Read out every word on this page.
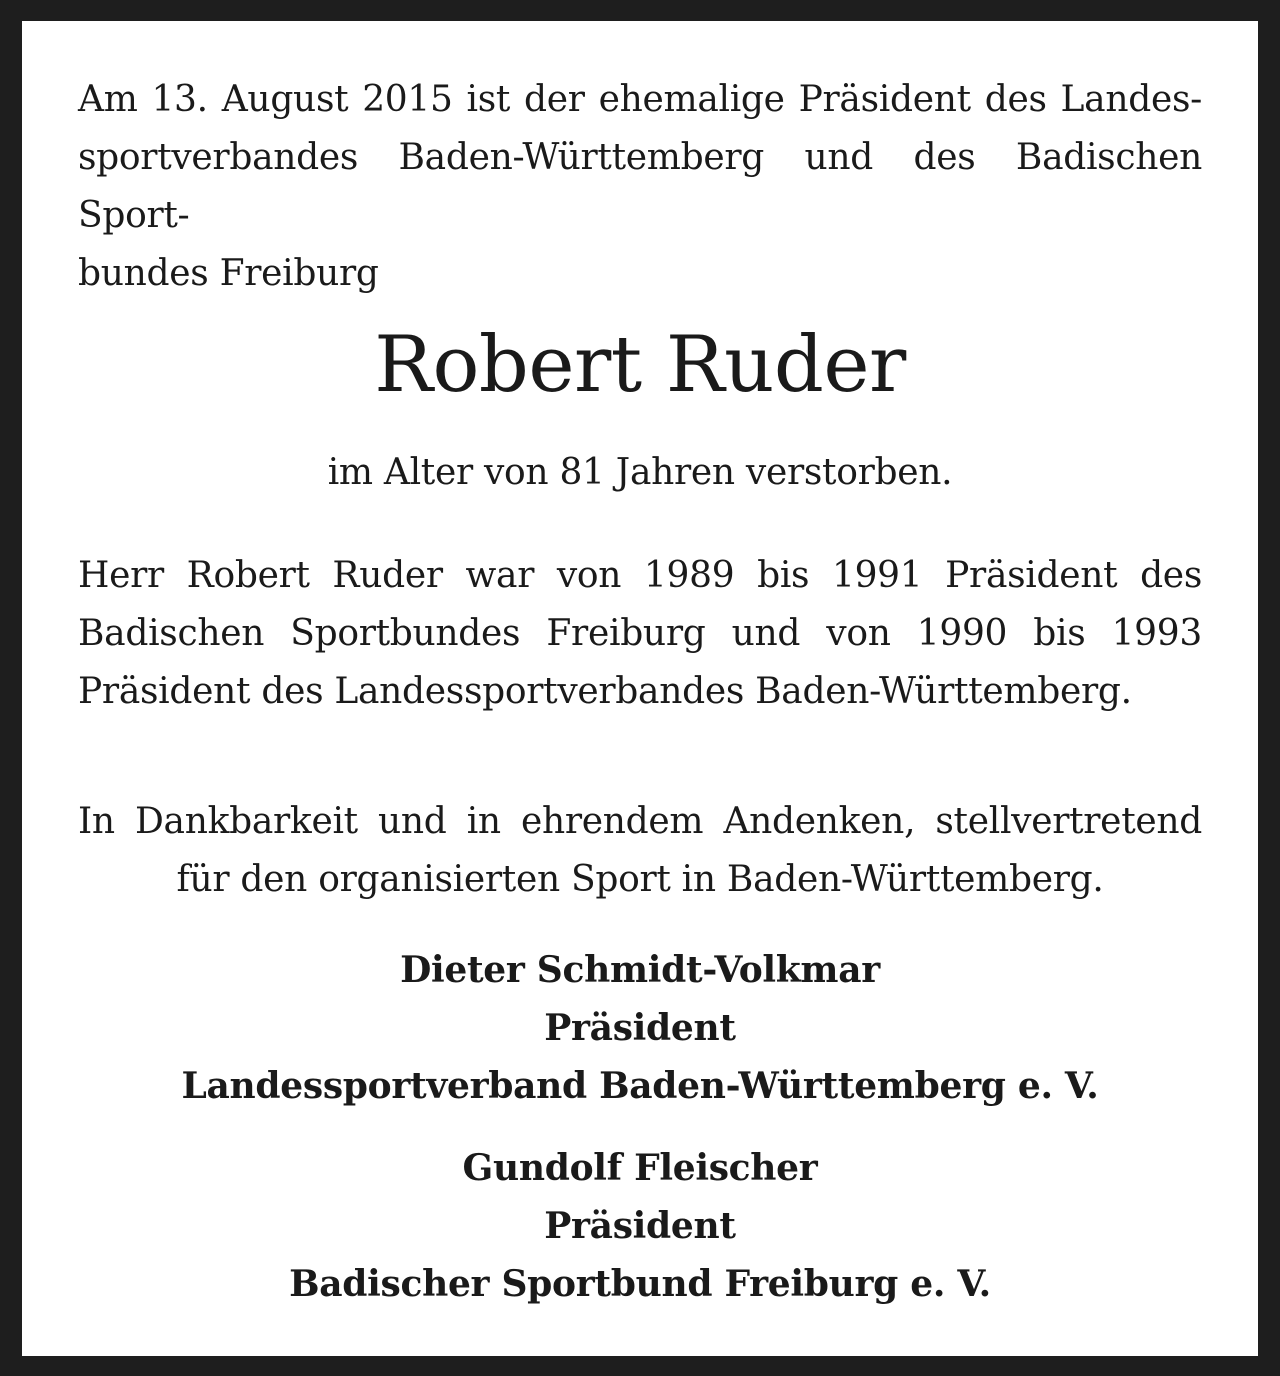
Am 13. August 2015 ist der ehemalige Präsident des Landes-
sportverbandes Baden-Württemberg und des Badischen Sport-
bundes Freiburg

Robert Ruder

im Alter von 81 Jahren verstorben.

Herr Robert Ruder war von 1989 bis 1991 Präsident des
Badischen Sportbundes Freiburg und von 1990 bis 1993
Präsident des Landessportverbandes Baden-Württemberg.

In Dankbarkeit und in ehrendem Andenken, stellvertretend
für den organisierten Sport in Baden-Württemberg.

Dieter Schmidt-Volkmar
Präsident
Landessportverband Baden-Württemberg e. V.
Gundolf Fleischer
Präsident
Badischer Sportbund Freiburg e. V.
